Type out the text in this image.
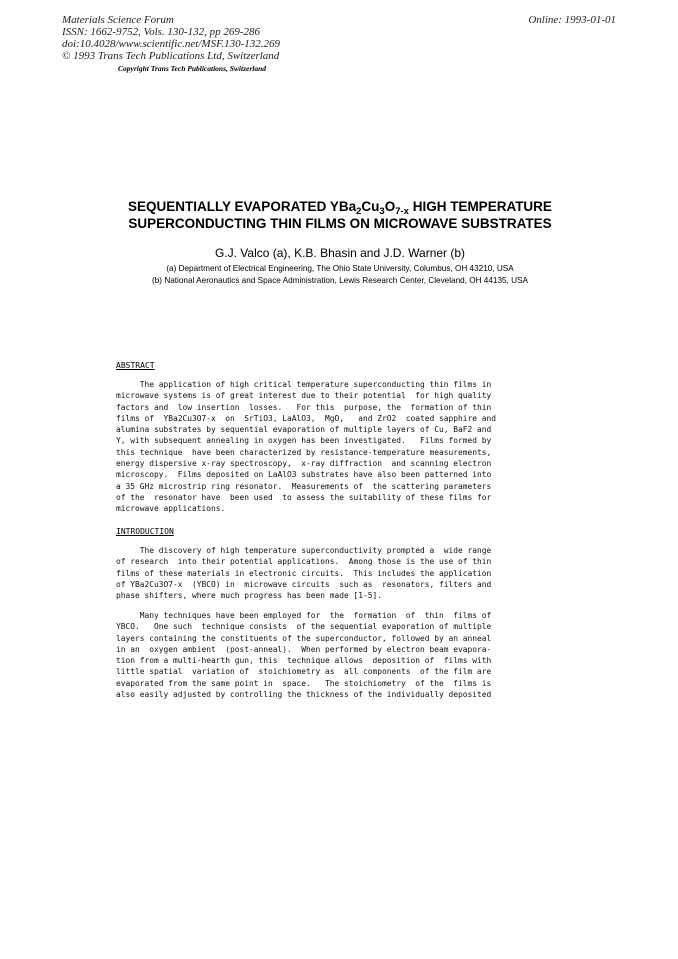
Materials Science Forum
ISSN: 1662-9752, Vols. 130-132, pp 269-286
doi:10.4028/www.scientific.net/MSF.130-132.269
© 1993 Trans Tech Publications Ltd, Switzerland
Online: 1993-01-01
Copyright Trans Tech Publications, Switzerland
SEQUENTIALLY EVAPORATED $YBa_2Cu_3O_{7-x}$ HIGH TEMPERATURE
SUPERCONDUCTING THIN FILMS ON MICROWAVE SUBSTRATES
G.J. Valco (a), K.B. Bhasin and J.D. Warner (b)
(a) Department of Electrical Engineering, The Ohio State University, Columbus, OH 43210, USA
(b) National Aeronautics and Space Administration, Lewis Research Center, Cleveland, OH 44135, USA
ABSTRACT
The application of high critical temperature superconducting thin films in
microwave systems is of great interest due to their potential  for high quality
factors and  low insertion  losses.   For this  purpose, the  formation of thin
films of  YBa2Cu3O7-x  on  SrTiO3, LaAlO3,  MgO,   and ZrO2  coated sapphire and
alumina substrates by sequential evaporation of multiple layers of Cu, BaF2 and
Y, with subsequent annealing in oxygen has been investigated.   Films formed by
this technique  have been characterized by resistance-temperature measurements,
energy dispersive x-ray spectroscopy,  x-ray diffraction  and scanning electron
microscopy.  Films deposited on LaAlO3 substrates have also been patterned into
a 35 GHz microstrip ring resonator.  Measurements of  the scattering parameters
of the  resonator have  been used  to assess the suitability of these films for
microwave applications.
INTRODUCTION
The discovery of high temperature superconductivity prompted a  wide range
of research  into their potential applications.  Among those is the use of thin
films of these materials in electronic circuits.  This includes the application
of YBa2Cu3O7-x  (YBCO) in  microwave circuits  such as  resonators, filters and
phase shifters, where much progress has been made [1-5].
Many techniques have been employed for  the  formation  of  thin  films of
YBCO.   One such  technique consists  of the sequential evaporation of multiple
layers containing the constituents of the superconductor, followed by an anneal
in an  oxygen ambient  (post-anneal).  When performed by electron beam evapora-
tion from a multi-hearth gun, this  technique allows  deposition of  films with
little spatial  variation of  stoichiometry as  all components  of the film are
evaporated from the same point in  space.   The stoichiometry  of the  films is
also easily adjusted by controlling the thickness of the individually deposited
